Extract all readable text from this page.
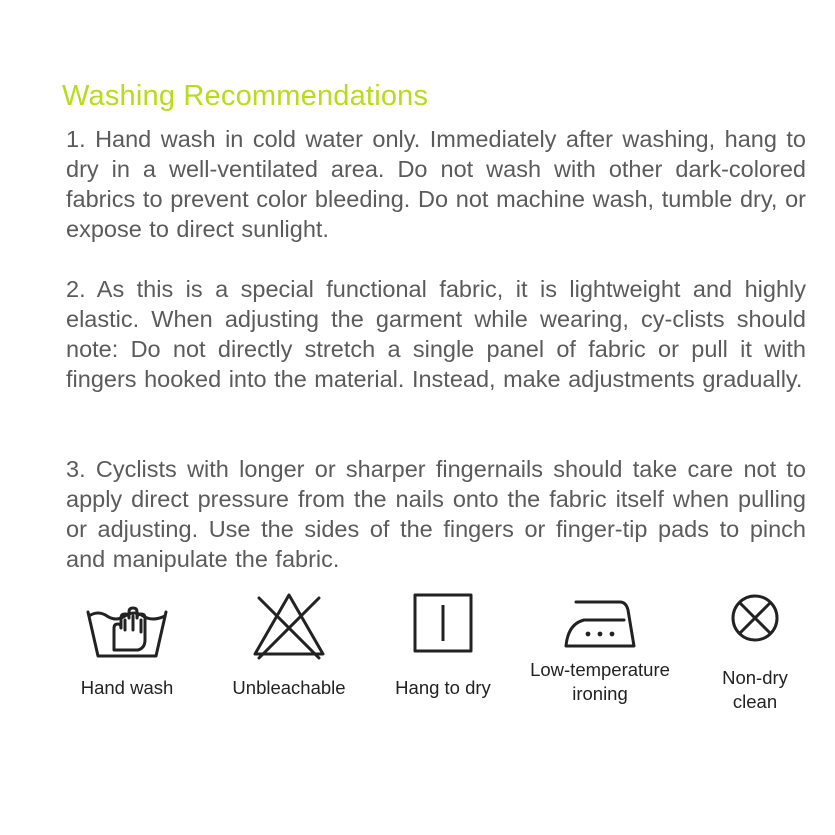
Washing Recommendations

1. Hand wash in cold water only. Immediately after washing, hang to dry in a well-ventilated area. Do not wash with other dark-colored fabrics to prevent color bleeding. Do not machine wash, tumble dry, or expose to direct sunlight.

2. As this is a special functional fabric, it is lightweight and highly elastic. When adjusting the garment while wearing, cy-clists should note: Do not directly stretch a single panel of fabric or pull it with fingers hooked into the material. Instead, make adjustments gradually.

3. Cyclists with longer or sharper fingernails should take care not to apply direct pressure from the nails onto the fabric itself when pulling or adjusting. Use the sides of the fingers or finger-tip pads to pinch and manipulate the fabric.

Hand wash	Unbleachable	Hang to dry
Low-temperature
ironing
Non-dry
clean
